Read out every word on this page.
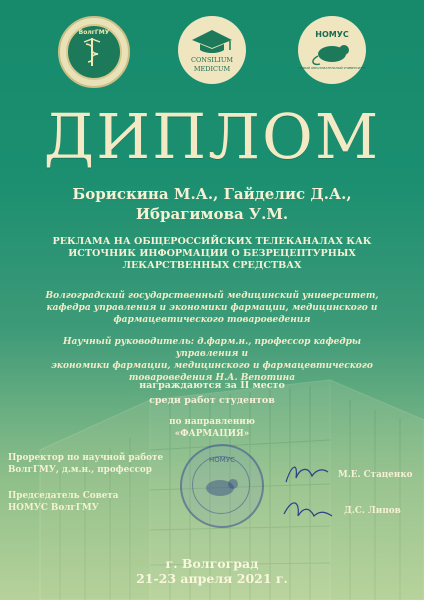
ВолгГМУ
CONSILIUM
MEDICUM
НОМУС
НОВЫЙ ОБРАЗОВАТЕЛЬНЫЙ УНИВЕРСИТЕТ
ДИПЛОМ
Борискина М.А., Гайделис Д.А.,
Ибрагимова У.М.
РЕКЛАМА НА ОБЩЕРОССИЙСКИХ ТЕЛЕКАНАЛАХ КАК
ИСТОЧНИК ИНФОРМАЦИИ О БЕЗРЕЦЕПТУРНЫХ
ЛЕКАРСТВЕННЫХ СРЕДСТВАХ
Волгоградский государственный медицинский университет,
кафедра управления и экономики фармации, медицинского и
фармацевтического товароведения
Научный руководитель: д.фарм.н., профессор кафедры управления и
экономики фармации, медицинского и фармацевтического
товароведения Н.А. Вепотина
награждаются за II место
среди работ студентов
по направлению
«ФАРМАЦИЯ»
НОМУС
Проректор по научной работе
ВолгГМУ, д.м.н., профессор	М.Е. Стаценко
Председатель Совета
НОМУС ВолгГМУ	Д.С. Липов
г. Волгоград
21-23 апреля 2021 г.
